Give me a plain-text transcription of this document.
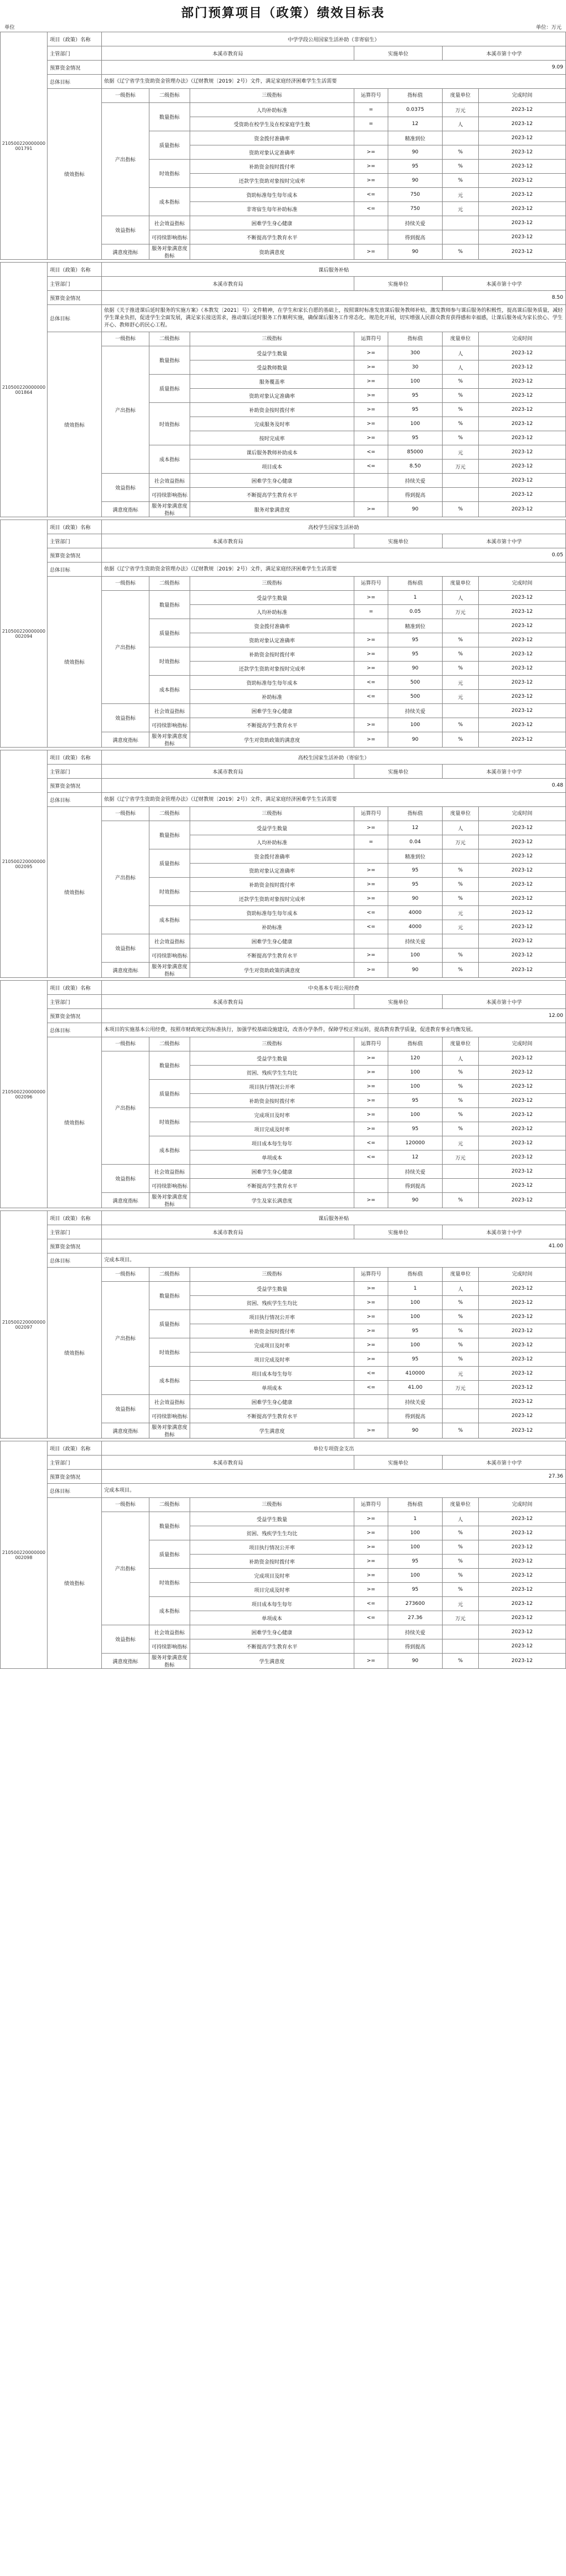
部门预算项目（政策）绩效目标表
单位	单位：万元
210500220000000001791
项目（政策）名称	中学学段公用国家生活补助（非寄宿生）						
主管部门	本溪市教育局			实施单位		本溪市第十中学	
预算资金情况	9.09						
总体目标	依据《辽宁省学生资助资金管理办法》（辽财教规〔2019〕2号）文件，满足家庭经济困难学生生活需要						
绩效指标	一级指标	二级指标	三级指标	运算符号	指标值	度量单位	完成时间
	产出指标	数量指标	人均补助标准	=	0.0375	万元	2023-12
			受资助在校学生及在校家庭学生数	=	12	人	2023-12
		质量指标	资金拨付准确率		精准到位		2023-12
			资助对象认定准确率	>=	90	%	2023-12
		时效指标	补助资金按时拨付率	>=	95	%	2023-12
			还款学生资助对象按时完成率	>=	90	%	2023-12
		成本指标	资助标准每生每年成本	<=	750	元	2023-12
			非寄宿生每年补助标准	<=	750	元	2023-12
	效益指标	社会效益指标	困难学生身心健康		持续关爱		2023-12
		可持续影响指标	不断提高学生教育水平		得到提高		2023-12
	满意度指标	服务对象满意度指标	资助满意度	>=	90	%	2023-12
210500220000000001864
项目（政策）名称	课后服务补贴						
主管部门	本溪市教育局			实施单位		本溪市第十中学	
预算资金情况	8.50						
总体目标	依据《关于推进课后延时服务的实施方案》（本教发〔2021〕号）文件精神，在学生和家长自愿的基础上，按照课时标准发放课后服务教师补贴，激发教师参与课后服务的积极性，提高课后服务质量，减轻学生课业负担，促进学生全面发展，满足家长接送需求，推动课后延时服务工作顺利实施，确保课后服务工作常态化、规范化开展，切实增强人民群众教育获得感和幸福感，让课后服务成为家长放心、学生开心、教师舒心的民心工程。						
绩效指标	一级指标	二级指标	三级指标	运算符号	指标值	度量单位	完成时间
	产出指标	数量指标	受益学生数量	>=	300	人	2023-12
			受益教师数量	>=	30	人	2023-12
		质量指标	服务覆盖率	>=	100	%	2023-12
			资助对象认定准确率	>=	95	%	2023-12
		时效指标	补助资金按时拨付率	>=	95	%	2023-12
			完成服务及时率	>=	100	%	2023-12
			按时完成率	>=	95	%	2023-12
		成本指标	课后服务教师补助成本	<=	85000	元	2023-12
			项目成本	<=	8.50	万元	2023-12
	效益指标	社会效益指标	困难学生身心健康		持续关爱		2023-12
		可持续影响指标	不断提高学生教育水平		得到提高		2023-12
	满意度指标	服务对象满意度指标	服务对象满意度	>=	90	%	2023-12
210500220000000002094
项目（政策）名称	高校学生国家生活补助						
主管部门	本溪市教育局			实施单位		本溪市第十中学	
预算资金情况	0.05						
总体目标	依据《辽宁省学生资助资金管理办法》（辽财教规〔2019〕2号）文件，满足家庭经济困难学生生活需要						
绩效指标	一级指标	二级指标	三级指标	运算符号	指标值	度量单位	完成时间
	产出指标	数量指标	受益学生数量	>=	1	人	2023-12
			人均补助标准	=	0.05	万元	2023-12
		质量指标	资金拨付准确率		精准到位		2023-12
			资助对象认定准确率	>=	95	%	2023-12
		时效指标	补助资金按时拨付率	>=	95	%	2023-12
			还款学生资助对象按时完成率	>=	90	%	2023-12
		成本指标	资助标准每生每年成本	<=	500	元	2023-12
			补助标准	<=	500	元	2023-12
	效益指标	社会效益指标	困难学生身心健康		持续关爱		2023-12
		可持续影响指标	不断提高学生教育水平	>=	100	%	2023-12
	满意度指标	服务对象满意度指标	学生对资助政策的满意度	>=	90	%	2023-12
210500220000000002095
项目（政策）名称	高校生国家生活补助（寄宿生）						
主管部门	本溪市教育局			实施单位		本溪市第十中学	
预算资金情况	0.48						
总体目标	依据《辽宁省学生资助资金管理办法》（辽财教规〔2019〕2号）文件，满足家庭经济困难学生生活需要						
绩效指标	一级指标	二级指标	三级指标	运算符号	指标值	度量单位	完成时间
	产出指标	数量指标	受益学生数量	>=	12	人	2023-12
			人均补助标准	=	0.04	万元	2023-12
		质量指标	资金拨付准确率		精准到位		2023-12
			资助对象认定准确率	>=	95	%	2023-12
		时效指标	补助资金按时拨付率	>=	95	%	2023-12
			还款学生资助对象按时完成率	>=	90	%	2023-12
		成本指标	资助标准每生每年成本	<=	4000	元	2023-12
			补助标准	<=	4000	元	2023-12
	效益指标	社会效益指标	困难学生身心健康		持续关爱		2023-12
		可持续影响指标	不断提高学生教育水平	>=	100	%	2023-12
	满意度指标	服务对象满意度指标	学生对资助政策的满意度	>=	90	%	2023-12
210500220000000002096
项目（政策）名称	中央基本专项公用经费						
主管部门	本溪市教育局			实施单位		本溪市第十中学	
预算资金情况	12.00						
总体目标	本项目的实施基本公用经费，按照市财政规定的标准执行，加强学校基础设施建设，改善办学条件，保障学校正常运转，提高教育教学质量，促进教育事业均衡发展。						
绩效指标	一级指标	二级指标	三级指标	运算符号	指标值	度量单位	完成时间
	产出指标	数量指标	受益学生数量	>=	120	人	2023-12
			贫困、残疾学生生均比	>=	100	%	2023-12
		质量指标	项目执行情况公开率	>=	100	%	2023-12
			补助资金按时拨付率	>=	95	%	2023-12
		时效指标	完成项目及时率	>=	100	%	2023-12
			项目完成及时率	>=	95	%	2023-12
		成本指标	项目成本每生每年	<=	120000	元	2023-12
			单项成本	<=	12	万元	2023-12
	效益指标	社会效益指标	困难学生身心健康		持续关爱		2023-12
		可持续影响指标	不断提高学生教育水平		得到提高		2023-12
	满意度指标	服务对象满意度指标	学生及家长满意度	>=	90	%	2023-12
210500220000000002097
项目（政策）名称	课后服务补贴						
主管部门	本溪市教育局			实施单位		本溪市第十中学	
预算资金情况	41.00						
总体目标	完成本项目。						
绩效指标	一级指标	二级指标	三级指标	运算符号	指标值	度量单位	完成时间
	产出指标	数量指标	受益学生数量	>=	1	人	2023-12
			贫困、残疾学生生均比	>=	100	%	2023-12
		质量指标	项目执行情况公开率	>=	100	%	2023-12
			补助资金按时拨付率	>=	95	%	2023-12
		时效指标	完成项目及时率	>=	100	%	2023-12
			项目完成及时率	>=	95	%	2023-12
		成本指标	项目成本每生每年	<=	410000	元	2023-12
			单项成本	<=	41.00	万元	2023-12
	效益指标	社会效益指标	困难学生身心健康		持续关爱		2023-12
		可持续影响指标	不断提高学生教育水平		得到提高		2023-12
	满意度指标	服务对象满意度指标	学生满意度	>=	90	%	2023-12
210500220000000002098
项目（政策）名称	单位专项资金支出						
主管部门	本溪市教育局			实施单位		本溪市第十中学	
预算资金情况	27.36						
总体目标	完成本项目。						
绩效指标	一级指标	二级指标	三级指标	运算符号	指标值	度量单位	完成时间
	产出指标	数量指标	受益学生数量	>=	1	人	2023-12
			贫困、残疾学生生均比	>=	100	%	2023-12
		质量指标	项目执行情况公开率	>=	100	%	2023-12
			补助资金按时拨付率	>=	95	%	2023-12
		时效指标	完成项目及时率	>=	100	%	2023-12
			项目完成及时率	>=	95	%	2023-12
		成本指标	项目成本每生每年	<=	273600	元	2023-12
			单项成本	<=	27.36	万元	2023-12
	效益指标	社会效益指标	困难学生身心健康		持续关爱		2023-12
		可持续影响指标	不断提高学生教育水平		得到提高		2023-12
	满意度指标	服务对象满意度指标	学生满意度	>=	90	%	2023-12
